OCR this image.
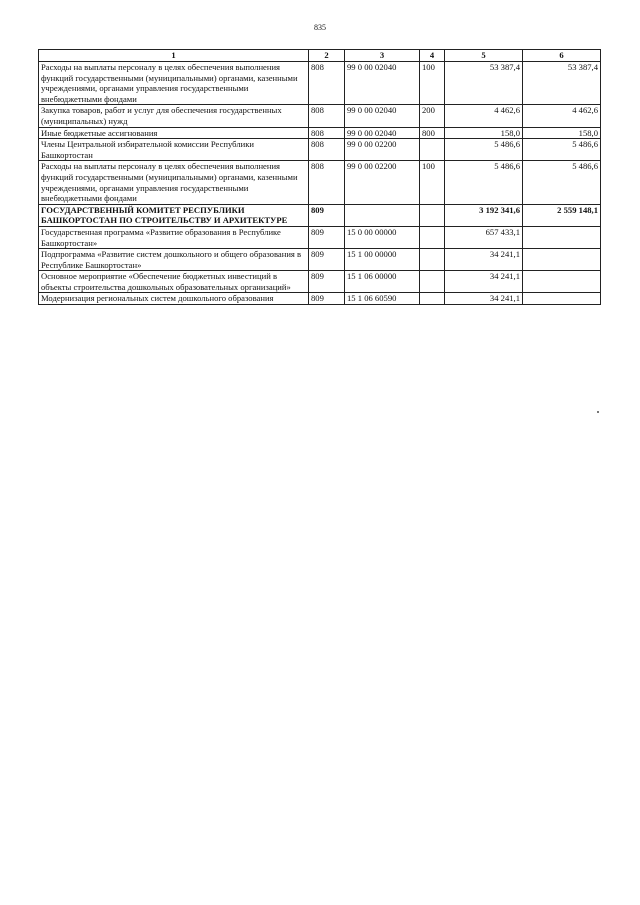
835
1	2	3	4	5	6
Расходы на выплаты персоналу в целях обеспечения выполнения функций государственными (муниципальными) органами, казенными учреждениями, органами управления государственными внебюджетными фондами	808	99 0 00 02040	100	53 387,4	53 387,4
Закупка товаров, работ и услуг для обеспечения государственных (муниципальных) нужд	808	99 0 00 02040	200	4 462,6	4 462,6
Иные бюджетные ассигнования	808	99 0 00 02040	800	158,0	158,0
Члены Центральной избирательной комиссии Республики Башкортостан	808	99 0 00 02200		5 486,6	5 486,6
Расходы на выплаты персоналу в целях обеспечения выполнения функций государственными (муниципальными) органами, казенными учреждениями, органами управления государственными внебюджетными фондами	808	99 0 00 02200	100	5 486,6	5 486,6
ГОСУДАРСТВЕННЫЙ КОМИТЕТ РЕСПУБЛИКИ БАШКОРТОСТАН ПО СТРОИТЕЛЬСТВУ И АРХИТЕКТУРЕ	809			3 192 341,6	2 559 148,1
Государственная программа «Развитие образования в Республике Башкортостан»	809	15 0 00 00000		657 433,1	
Подпрограмма «Развитие систем дошкольного и общего образования в Республике Башкортостан»	809	15 1 00 00000		34 241,1	
Основное мероприятие «Обеспечение бюджетных инвестиций в объекты строительства дошкольных образовательных организаций»	809	15 1 06 00000		34 241,1	
Модернизация региональных систем дошкольного образования	809	15 1 06 60590		34 241,1	
